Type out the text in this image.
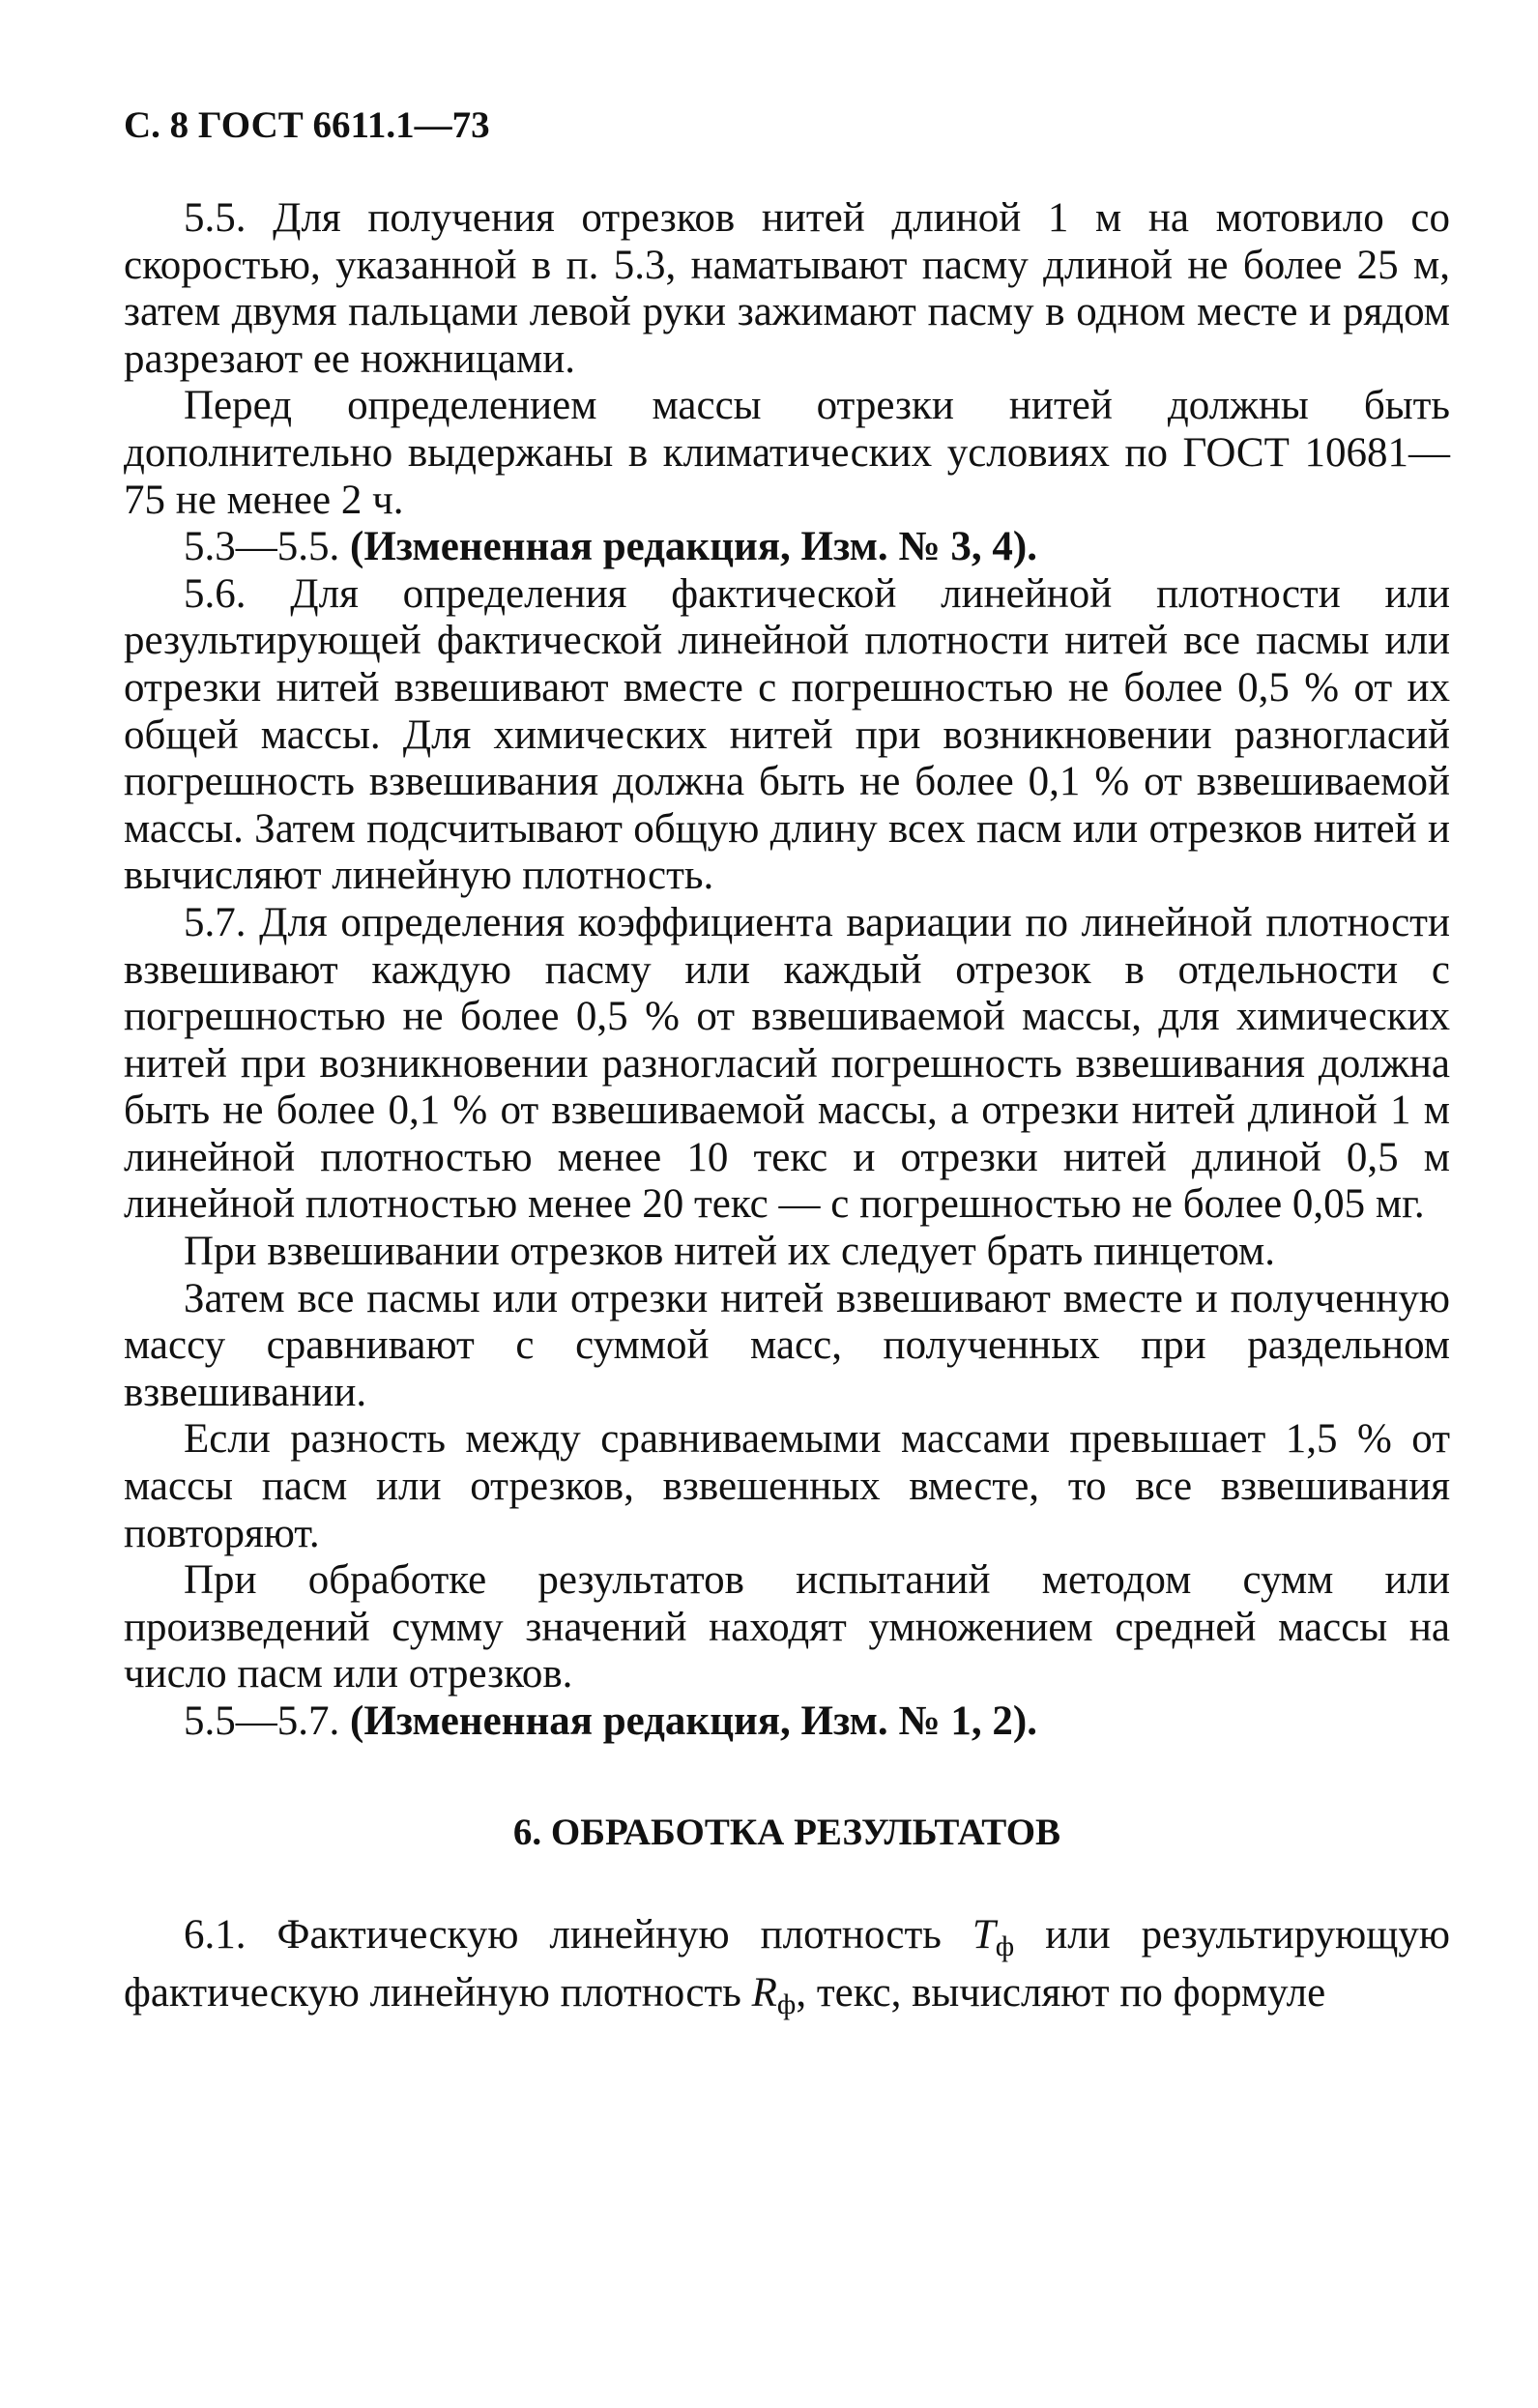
С. 8 ГОСТ 6611.1—73

5.5. Для получения отрезков нитей длиной 1 м на мотовило со скоростью, указанной в п. 5.3, наматывают пасму длиной не более 25 м, затем двумя пальцами левой руки зажимают пасму в одном месте и рядом разрезают ее ножницами.

Перед определением массы отрезки нитей должны быть дополнительно выдержаны в климатических условиях по ГОСТ 10681—75 не менее 2 ч.

5.3—5.5. (Измененная редакция, Изм. № 3, 4).

5.6. Для определения фактической линейной плотности или результирующей фактической линейной плотности нитей все пасмы или отрезки нитей взвешивают вместе с погрешностью не более 0,5 % от их общей массы. Для химических нитей при возникновении разногласий погрешность взвешивания должна быть не более 0,1 % от взвешиваемой массы. Затем подсчитывают общую длину всех пасм или отрезков нитей и вычисляют линейную плотность.

5.7. Для определения коэффициента вариации по линейной плотности взвешивают каждую пасму или каждый отрезок в отдельности с погрешностью не более 0,5 % от взвешиваемой массы, для химических нитей при возникновении разногласий погрешность взвешивания должна быть не более 0,1 % от взвешиваемой массы, а отрезки нитей длиной 1 м линейной плотностью менее 10 текс и отрезки нитей длиной 0,5 м линейной плотностью менее 20 текс — с погрешностью не более 0,05 мг.

При взвешивании отрезков нитей их следует брать пинцетом.

Затем все пасмы или отрезки нитей взвешивают вместе и полученную массу сравнивают с суммой масс, полученных при раздельном взвешивании.

Если разность между сравниваемыми массами превышает 1,5 % от массы пасм или отрезков, взвешенных вместе, то все взвешивания повторяют.

При обработке результатов испытаний методом сумм или произведений сумму значений находят умножением средней массы на число пасм или отрезков.

5.5—5.7. (Измененная редакция, Изм. № 1, 2).

6. ОБРАБОТКА РЕЗУЛЬТАТОВ

6.1. Фактическую линейную плотность $T_ф$ или результирующую фактическую линейную плотность $R_ф$, текс, вычисляют по формуле
